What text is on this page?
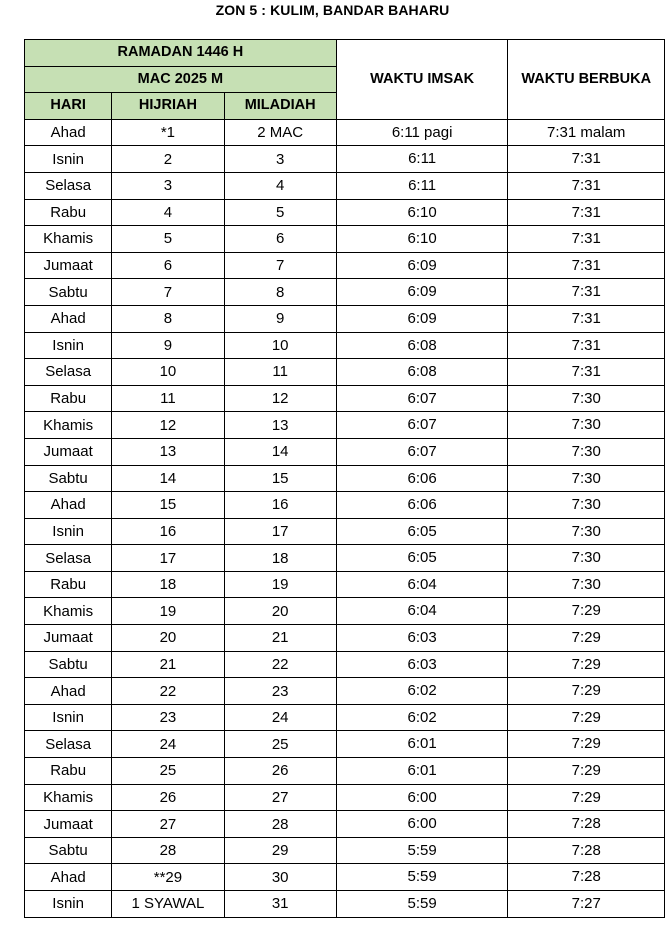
ZON 5 : KULIM, BANDAR BAHARU
RAMADAN 1446 H			WAKTU IMSAK	WAKTU BERBUKA
MAC 2025 M				
HARI	HIJRIAH	MILADIAH		
Ahad	*1	2 MAC	6:11 pagi	7:31 malam
Isnin	2	3	6:11	7:31
Selasa	3	4	6:11	7:31
Rabu	4	5	6:10	7:31
Khamis	5	6	6:10	7:31
Jumaat	6	7	6:09	7:31
Sabtu	7	8	6:09	7:31
Ahad	8	9	6:09	7:31
Isnin	9	10	6:08	7:31
Selasa	10	11	6:08	7:31
Rabu	11	12	6:07	7:30
Khamis	12	13	6:07	7:30
Jumaat	13	14	6:07	7:30
Sabtu	14	15	6:06	7:30
Ahad	15	16	6:06	7:30
Isnin	16	17	6:05	7:30
Selasa	17	18	6:05	7:30
Rabu	18	19	6:04	7:30
Khamis	19	20	6:04	7:29
Jumaat	20	21	6:03	7:29
Sabtu	21	22	6:03	7:29
Ahad	22	23	6:02	7:29
Isnin	23	24	6:02	7:29
Selasa	24	25	6:01	7:29
Rabu	25	26	6:01	7:29
Khamis	26	27	6:00	7:29
Jumaat	27	28	6:00	7:28
Sabtu	28	29	5:59	7:28
Ahad	**29	30	5:59	7:28
Isnin	1 SYAWAL	31	5:59	7:27
